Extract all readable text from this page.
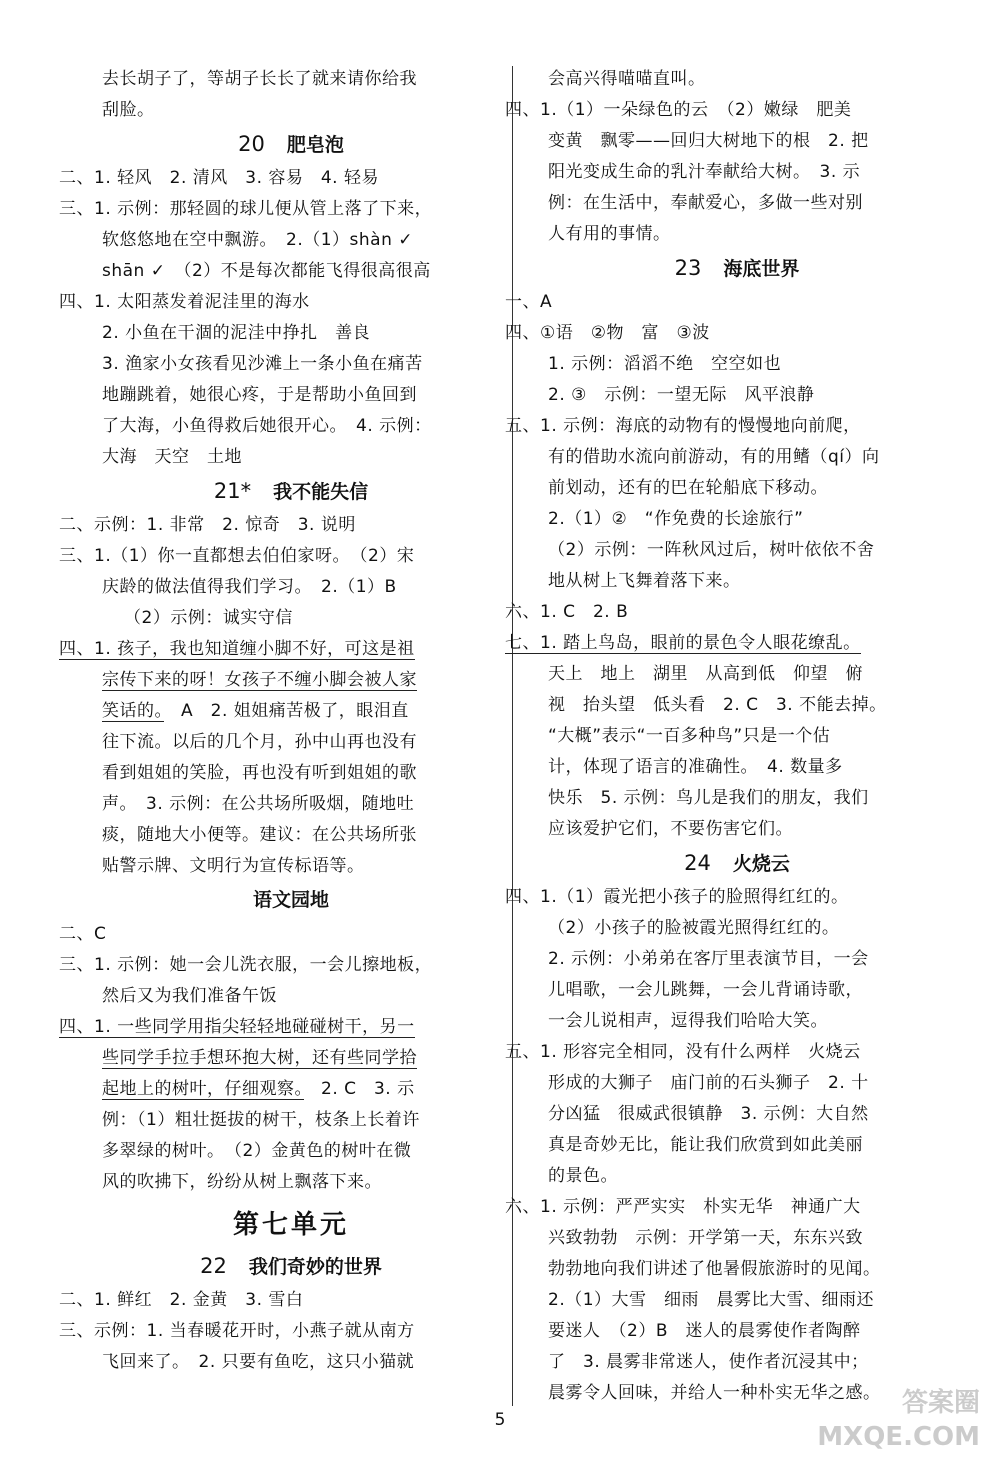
去长胡子了，等胡子长长了就来请你给我
刮脸。
20 肥皂泡
二、1. 轻风　2. 清风　3. 容易　4. 轻易
三、1. 示例：那轻圆的球儿便从管上落了下来，
软悠悠地在空中飘游。　2.（1）shàn ✓
shān ✓　（2）不是每次都能飞得很高很高
四、1. 太阳蒸发着泥洼里的海水
2. 小鱼在干涸的泥洼中挣扎　善良
3. 渔家小女孩看见沙滩上一条小鱼在痛苦
地蹦跳着，她很心疼，于是帮助小鱼回到
了大海，小鱼得救后她很开心。　4. 示例：
大海　天空　土地
21* 我不能失信
二、示例：1. 非常　2. 惊奇　3. 说明
三、1.（1）你一直都想去伯伯家呀。　（2）宋
庆龄的做法值得我们学习。　2.（1）B
（2）示例：诚实守信
四、1. 孩子，我也知道缠小脚不好，可这是祖
宗传下来的呀！女孩子不缠小脚会被人家
笑话的。　A　2. 姐姐痛苦极了，眼泪直
往下流。以后的几个月，孙中山再也没有
看到姐姐的笑脸，再也没有听到姐姐的歌
声。　3. 示例：在公共场所吸烟，随地吐
痰，随地大小便等。建议：在公共场所张
贴警示牌、文明行为宣传标语等。
语文园地
二、C
三、1. 示例：她一会儿洗衣服，一会儿擦地板，
然后又为我们准备午饭
四、1. 一些同学用指尖轻轻地碰碰树干，另一
些同学手拉手想环抱大树，还有些同学拾
起地上的树叶，仔细观察。　2. C　3. 示
例：（1）粗壮挺拔的树干，枝条上长着许
多翠绿的树叶。　（2）金黄色的树叶在微
风的吹拂下，纷纷从树上飘落下来。
第七单元
22 我们奇妙的世界
二、1. 鲜红　2. 金黄　3. 雪白
三、示例：1. 当春暖花开时，小燕子就从南方
飞回来了。　2. 只要有鱼吃，这只小猫就
会高兴得喵喵直叫。
四、1.（1）一朵绿色的云　（2）嫩绿　肥美
变黄　飘零——回归大树地下的根　2. 把
阳光变成生命的乳汁奉献给大树。　3. 示
例：在生活中，奉献爱心，多做一些对别
人有用的事情。
23 海底世界
一、A
四、①语　②物　富　③波
1. 示例：滔滔不绝　空空如也
2. ③　示例：一望无际　风平浪静
五、1. 示例：海底的动物有的慢慢地向前爬，
有的借助水流向前游动，有的用鳍（qí）向
前划动，还有的巴在轮船底下移动。
2.（1）②　“作免费的长途旅行”
（2）示例：一阵秋风过后，树叶依依不舍
地从树上飞舞着落下来。
六、1. C　2. B
七、1. 踏上鸟岛，眼前的景色令人眼花缭乱。
天上　地上　湖里　从高到低　仰望　俯
视　抬头望　低头看　2. C　3. 不能去掉。
“大概”表示“一百多种鸟”只是一个估
计，体现了语言的准确性。　4. 数量多
快乐　5. 示例：鸟儿是我们的朋友，我们
应该爱护它们，不要伤害它们。
24 火烧云
四、1.（1）霞光把小孩子的脸照得红红的。
（2）小孩子的脸被霞光照得红红的。
2. 示例：小弟弟在客厅里表演节目，一会
儿唱歌，一会儿跳舞，一会儿背诵诗歌，
一会儿说相声，逗得我们哈哈大笑。
五、1. 形容完全相同，没有什么两样　火烧云
形成的大狮子　庙门前的石头狮子　2. 十
分凶猛　很威武很镇静　3. 示例：大自然
真是奇妙无比，能让我们欣赏到如此美丽
的景色。
六、1. 示例：严严实实　朴实无华　神通广大
兴致勃勃　示例：开学第一天，东东兴致
勃勃地向我们讲述了他暑假旅游时的见闻。
2.（1）大雪　细雨　晨雾比大雪、细雨还
要迷人　（2）B　迷人的晨雾使作者陶醉
了　3. 晨雾非常迷人，使作者沉浸其中；
晨雾令人回味，并给人一种朴实无华之感。
5
答案圈
MXQE.COM
